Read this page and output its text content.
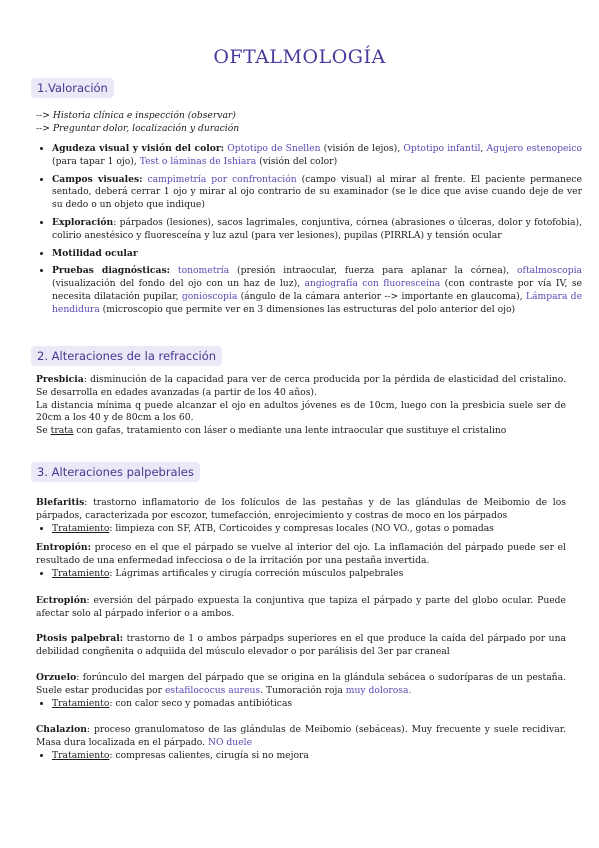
OFTALMOLOGÍA
1.Valoración
--> Historia clínica e inspección (observar)
--> Preguntar dolor, localización y duración
• Agudeza visual y visión del color: Optotipo de Snellen (visión de lejos), Optotipo infantil, Agujero estenopeico (para tapar 1 ojo), Test o láminas de Ishiara (visión del color)
• Campos visuales: campimetría por confrontación (campo visual) al mirar al frente. El paciente permanece sentado, deberá cerrar 1 ojo y mirar al ojo contrario de su examinador (se le dice que avise cuando deje de ver su dedo o un objeto que indique)
• Exploración: párpados (lesiones), sacos lagrimales, conjuntiva, córnea (abrasiones o úlceras, dolor y fotofobia), colirio anestésico y fluoresceína y luz azul (para ver lesiones), pupilas (PIRRLA) y tensión ocular
• Motilidad ocular
• Pruebas diagnósticas: tonometría (presión intraocular, fuerza para aplanar la córnea), oftalmoscopia (visualización del fondo del ojo con un haz de luz), angiografía con fluoresceína (con contraste por vía IV, se necesita dilatación pupilar, gonioscopia (ángulo de la cámara anterior --> importante en glaucoma), Lámpara de hendidura (microscopio que permite ver en 3 dimensiones las estructuras del polo anterior del ojo)
2. Alteraciones de la refracción

Presbicia: disminución de la capacidad para ver de cerca producida por la pérdida de elasticidad del cristalino. Se desarrolla en edades avanzadas (a partir de los 40 años).

La distancia mínima q puede alcanzar el ojo en adultos jóvenes es de 10cm, luego con la presbicia suele ser de 20cm a los 40 y de 80cm a los 60.

Se trata con gafas, tratamiento con láser o mediante una lente intraocular que sustituye el cristalino

3. Alteraciones palpebrales
Blefaritis: trastorno inflamatorio de los folículos de las pestañas y de las glándulas de Meibomio de los párpados, caracterizada por escozor, tumefacción, enrojecimiento y costras de moco en los párpados
• Tratamiento: limpieza con SF, ATB, Corticoides y compresas locales (NO VO., gotas o pomadas
Entropión: proceso en el que el párpado se vuelve al interior del ojo. La inflamación del párpado puede ser el resultado de una enfermedad infecciosa o de la irritación por una pestaña invertida.
• Tratamiento: Lágrimas artificales y cirugía correción músculos palpebrales
Ectropión: eversión del párpado expuesta la conjuntiva que tapiza el párpado y parte del globo ocular. Puede afectar solo al párpado inferior o a ambos.
Ptosis palpebral: trastorno de 1 o ambos párpadps superiores en el que produce la caída del párpado por una debilidad congñenita o adquiida del músculo elevador o por parálisis del 3er par craneal
Orzuelo: forúnculo del margen del párpado que se origina en la glándula sebácea o sudoríparas de un pestaña. Suele estar producidas por estafilococus aureus. Tumoración roja muy dolorosa.
• Tratamiento: con calor seco y pomadas antibióticas
Chalazion: proceso granulomatoso de las glándulas de Meibomio (sebáceas). Muy frecuente y suele recidivar. Masa dura localizada en el párpado. NO duele
• Tratamiento: compresas calientes, cirugía si no mejora
